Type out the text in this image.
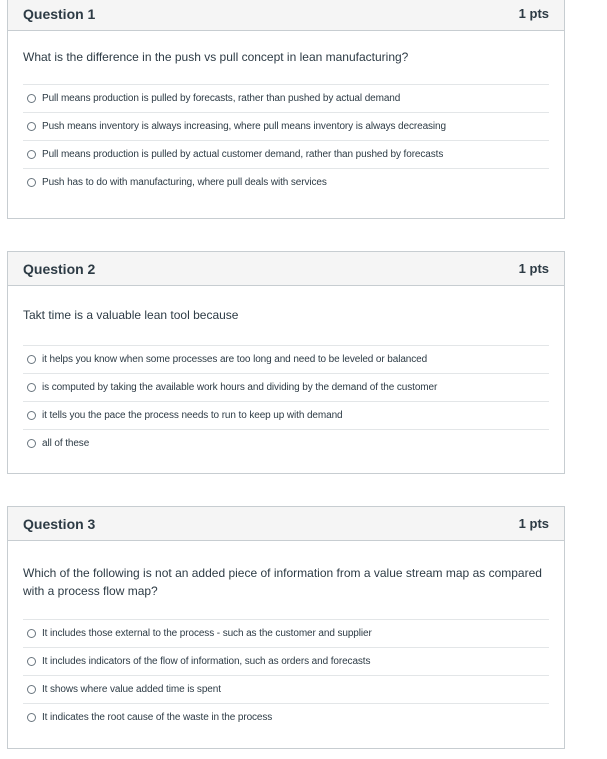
Question 1	1 pts
What is the difference in the push vs pull concept in lean manufacturing?
Pull means production is pulled by forecasts, rather than pushed by actual demand
Push means inventory is always increasing, where pull means inventory is always decreasing
Pull means production is pulled by actual customer demand, rather than pushed by forecasts
Push has to do with manufacturing, where pull deals with services
Question 2	1 pts
Takt time is a valuable lean tool because
it helps you know when some processes are too long and need to be leveled or balanced
is computed by taking the available work hours and dividing by the demand of the customer
it tells you the pace the process needs to run to keep up with demand
all of these
Question 3	1 pts
Which of the following is not an added piece of information from a value stream map as compared with a process flow map?
It includes those external to the process - such as the customer and supplier
It includes indicators of the flow of information, such as orders and forecasts
It shows where value added time is spent
It indicates the root cause of the waste in the process
